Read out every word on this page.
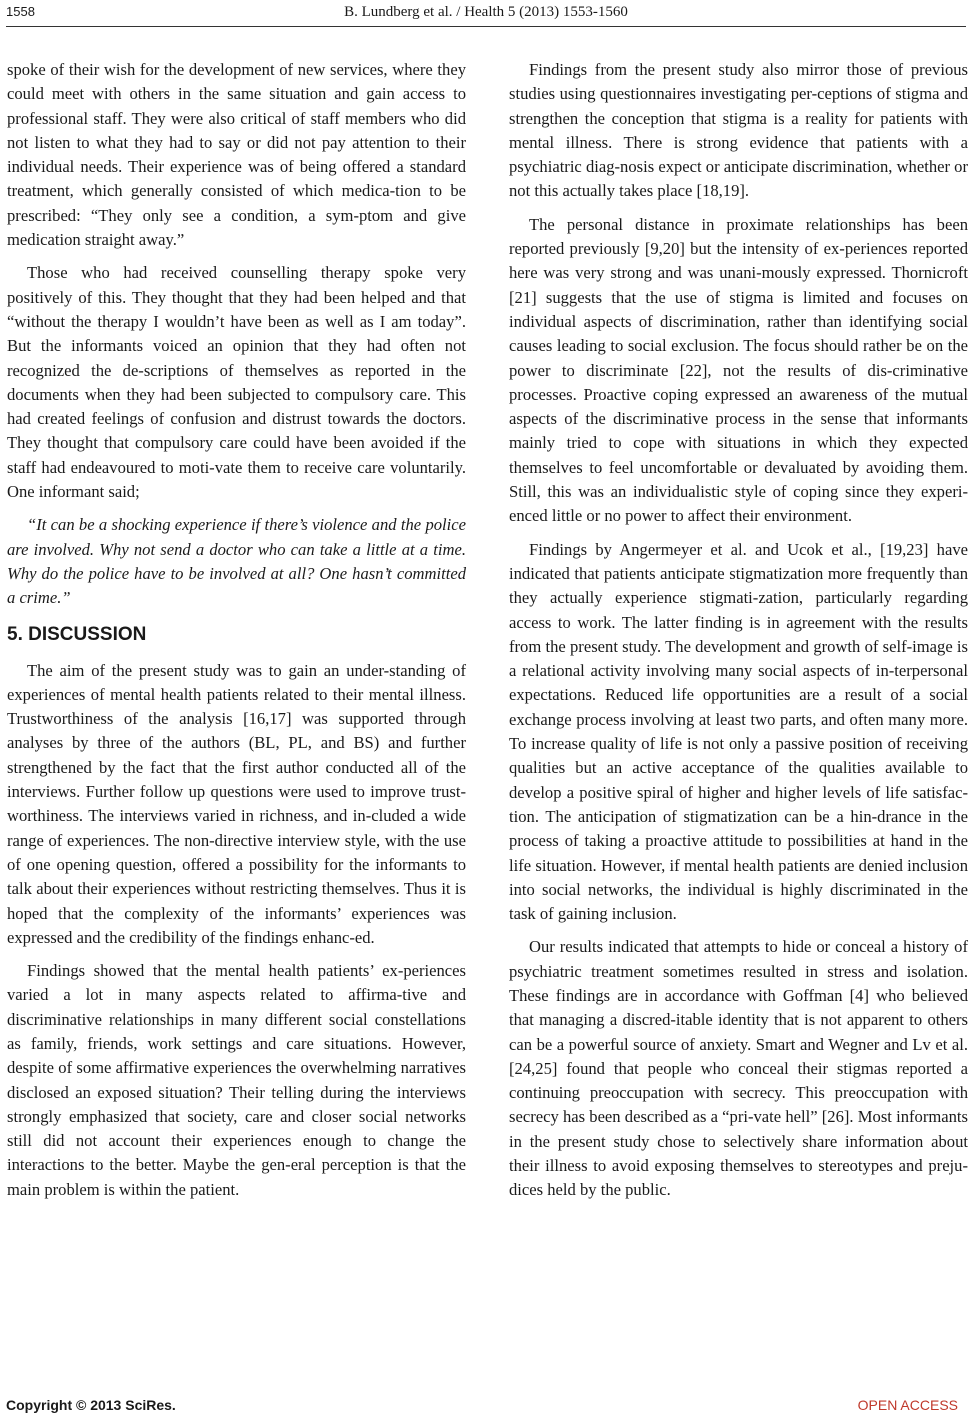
1558	B. Lundberg et al. / Health 5 (2013) 1553-1560

spoke of their wish for the development of new services, where they could meet with others in the same situation and gain access to professional staff. They were also critical of staff members who did not listen to what they had to say or did not pay attention to their individual needs. Their experience was of being offered a standard treatment, which generally consisted of which medica-tion to be prescribed: “They only see a condition, a sym-ptom and give medication straight away.”

Those who had received counselling therapy spoke very positively of this. They thought that they had been helped and that “without the therapy I wouldn’t have been as well as I am today”. But the informants voiced an opinion that they had often not recognized the de-scriptions of themselves as reported in the documents when they had been subjected to compulsory care. This had created feelings of confusion and distrust towards the doctors. They thought that compulsory care could have been avoided if the staff had endeavoured to moti-vate them to receive care voluntarily. One informant said;

“It can be a shocking experience if there’s violence and the police are involved. Why not send a doctor who can take a little at a time. Why do the police have to be involved at all? One hasn’t committed a crime.”

5. DISCUSSION

The aim of the present study was to gain an under-standing of experiences of mental health patients related to their mental illness. Trustworthiness of the analysis [16,17] was supported through analyses by three of the authors (BL, PL, and BS) and further strengthened by the fact that the first author conducted all of the interviews. Further follow up questions were used to improve trust-worthiness. The interviews varied in richness, and in-cluded a wide range of experiences. The non-directive interview style, with the use of one opening question, offered a possibility for the informants to talk about their experiences without restricting themselves. Thus it is hoped that the complexity of the informants’ experiences was expressed and the credibility of the findings enhanc-ed.

Findings showed that the mental health patients’ ex-periences varied a lot in many aspects related to affirma-tive and discriminative relationships in many different social constellations as family, friends, work settings and care situations. However, despite of some affirmative experiences the overwhelming narratives disclosed an exposed situation? Their telling during the interviews strongly emphasized that society, care and closer social networks still did not account their experiences enough to change the interactions to the better. Maybe the gen-eral perception is that the main problem is within the patient.

Findings from the present study also mirror those of previous studies using questionnaires investigating per-ceptions of stigma and strengthen the conception that stigma is a reality for patients with mental illness. There is strong evidence that patients with a psychiatric diag-nosis expect or anticipate discrimination, whether or not this actually takes place [18,19].

The personal distance in proximate relationships has been reported previously [9,20] but the intensity of ex-periences reported here was very strong and was unani-mously expressed. Thornicroft [21] suggests that the use of stigma is limited and focuses on individual aspects of discrimination, rather than identifying social causes leading to social exclusion. The focus should rather be on the power to discriminate [22], not the results of dis-criminative processes. Proactive coping expressed an awareness of the mutual aspects of the discriminative process in the sense that informants mainly tried to cope with situations in which they expected themselves to feel uncomfortable or devaluated by avoiding them. Still, this was an individualistic style of coping since they experi-enced little or no power to affect their environment.

Findings by Angermeyer et al. and Ucok et al., [19,23] have indicated that patients anticipate stigmatization more frequently than they actually experience stigmati-zation, particularly regarding access to work. The latter finding is in agreement with the results from the present study. The development and growth of self-image is a relational activity involving many social aspects of in-terpersonal expectations. Reduced life opportunities are a result of a social exchange process involving at least two parts, and often many more. To increase quality of life is not only a passive position of receiving qualities but an active acceptance of the qualities available to develop a positive spiral of higher and higher levels of life satisfac-tion. The anticipation of stigmatization can be a hin-drance in the process of taking a proactive attitude to possibilities at hand in the life situation. However, if mental health patients are denied inclusion into social networks, the individual is highly discriminated in the task of gaining inclusion.

Our results indicated that attempts to hide or conceal a history of psychiatric treatment sometimes resulted in stress and isolation. These findings are in accordance with Goffman [4] who believed that managing a discred-itable identity that is not apparent to others can be a powerful source of anxiety. Smart and Wegner and Lv et al. [24,25] found that people who conceal their stigmas reported a continuing preoccupation with secrecy. This preoccupation with secrecy has been described as a “pri-vate hell” [26]. Most informants in the present study chose to selectively share information about their illness to avoid exposing themselves to stereotypes and preju-dices held by the public.

Copyright © 2013 SciRes.	OPEN ACCESS
